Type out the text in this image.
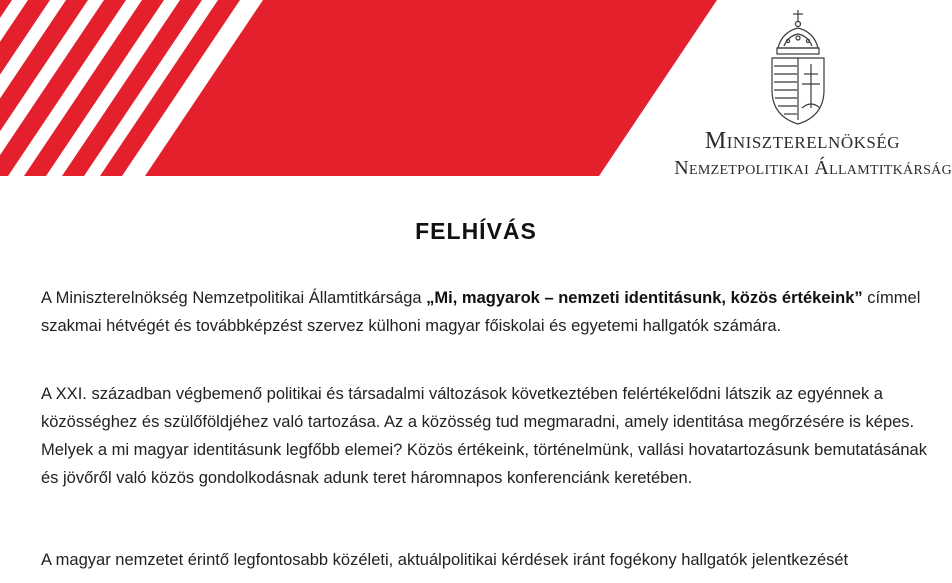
Miniszterelnökség
Nemzetpolitikai Államtitkárság
FELHÍVÁS

A Miniszterelnökség Nemzetpolitikai Államtitkársága „Mi, magyarok – nemzeti identitásunk, közös értékeink” címmel szakmai hétvégét és továbbképzést szervez külhoni magyar főiskolai és egyetemi hallgatók számára.

A XXI. században végbemenő politikai és társadalmi változások következtében felértékelődni látszik az egyénnek a közösséghez és szülőföldjéhez való tartozása. Az a közösség tud megmaradni, amely identitása megőrzésére is képes. Melyek a mi magyar identitásunk legfőbb elemei? Közös értékeink, történelmünk, vallási hovatartozásunk bemutatásának és jövőről való közös gondolkodásnak adunk teret háromnapos konferenciánk keretében.

A magyar nemzetet érintő legfontosabb közéleti, aktuálpolitikai kérdések iránt fogékony hallgatók jelentkezését
